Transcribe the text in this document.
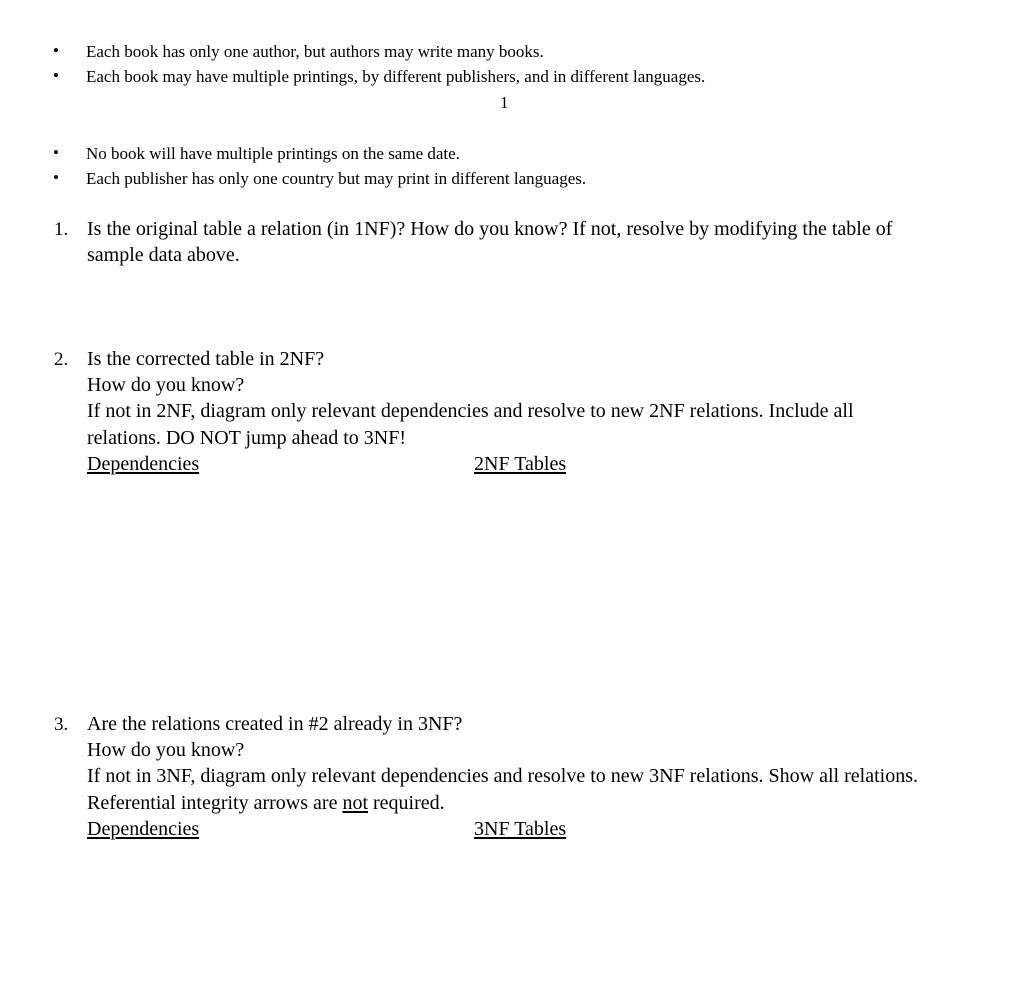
• Each book has only one author, but authors may write many books.
• Each book may have multiple printings, by different publishers, and in different languages.
1
• No book will have multiple printings on the same date.
• Each publisher has only one country but may print in different languages.
1. Is the original table a relation (in 1NF)? How do you know? If not, resolve by modifying the table of
sample data above.
2. Is the corrected table in 2NF?
How do you know?
If not in 2NF, diagram only relevant dependencies and resolve to new 2NF relations. Include all
relations. DO NOT jump ahead to 3NF!
Dependencies	2NF Tables
3. Are the relations created in #2 already in 3NF?
How do you know?
If not in 3NF, diagram only relevant dependencies and resolve to new 3NF relations. Show all relations.
Referential integrity arrows are not required.
Dependencies	3NF Tables
